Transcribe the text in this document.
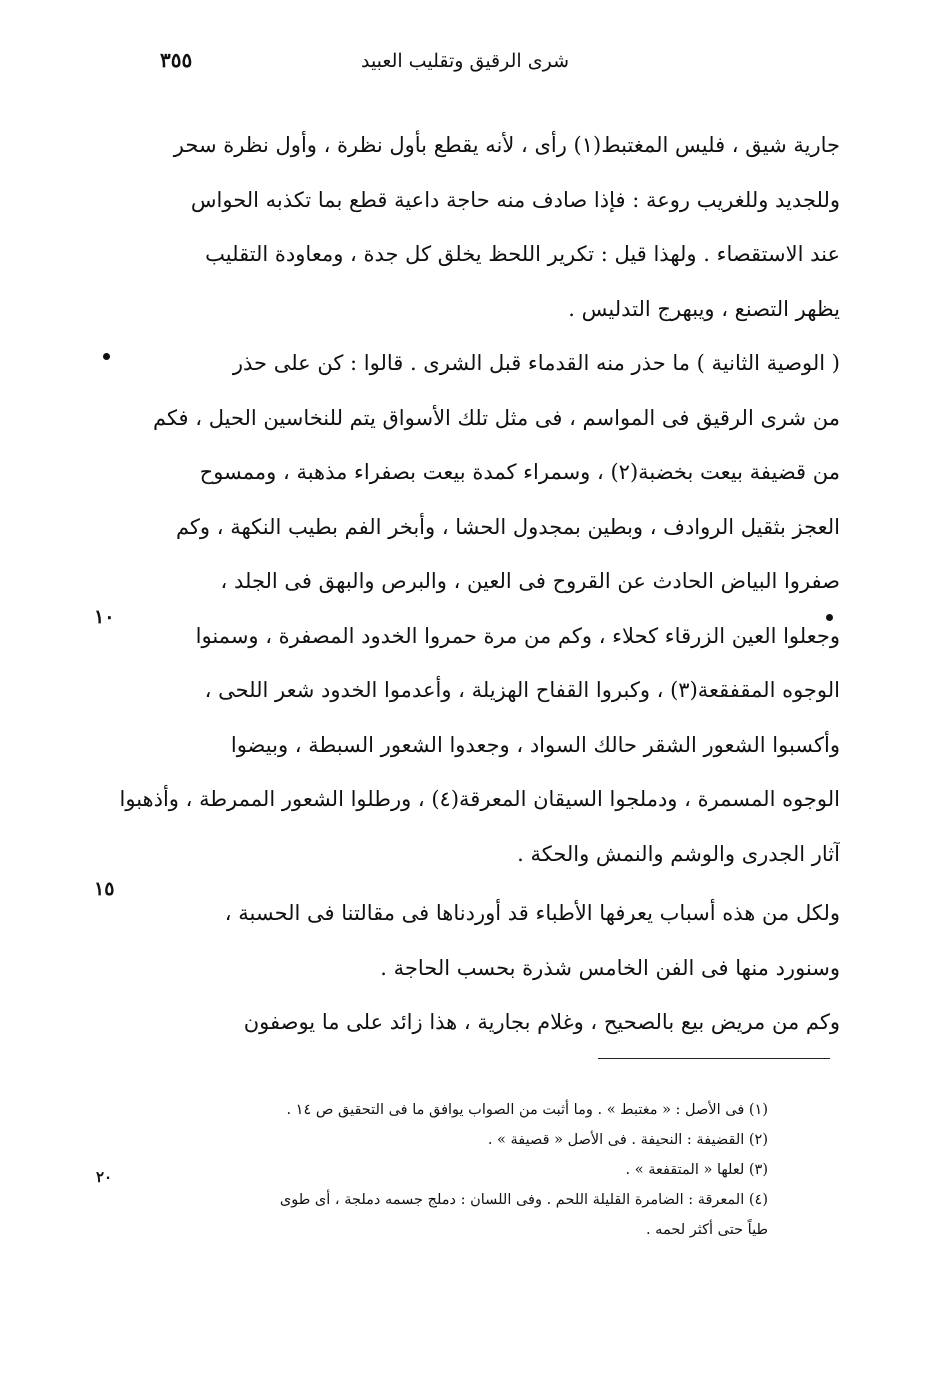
شرى الرقيق وتقليب العبيد
٣٥٥
جارية شيق ، فليس المغتبط(١) رأى ، لأنه يقطع بأول نظرة ، وأول نظرة سحر
وللجديد وللغريب روعة : فإذا صادف منه حاجة داعية قطع بما تكذبه الحواس
عند الاستقصاء . ولهذا قيل : تكرير اللحظ يخلق كل جدة ، ومعاودة التقليب
يظهر التصنع ، ويبهرج التدليس .
( الوصية الثانية ) ما حذر منه القدماء قبل الشرى . قالوا : كن على حذر
من شرى الرقيق فى المواسم ، فى مثل تلك الأسواق يتم للنخاسين الحيل ، فكم
من قضيفة بيعت بخضبة(٢) ، وسمراء كمدة بيعت بصفراء مذهبة ، وممسوح
العجز بثقيل الروادف ، وبطين بمجدول الحشا ، وأبخر الفم بطيب النكهة ، وكم
صفروا البياض الحادث عن القروح فى العين ، والبرص والبهق فى الجلد ،
وجعلوا العين الزرقاء كحلاء ، وكم من مرة حمروا الخدود المصفرة ، وسمنوا
الوجوه المقفقعة(٣) ، وكبروا القفاح الهزيلة ، وأعدموا الخدود شعر اللحى ،
وأكسبوا الشعور الشقر حالك السواد ، وجعدوا الشعور السبطة ، وبيضوا
الوجوه المسمرة ، ودملجوا السيقان المعرقة(٤) ، ورطلوا الشعور الممرطة ، وأذهبوا
آثار الجدرى والوشم والنمش والحكة .
ولكل من هذه أسباب يعرفها الأطباء قد أوردناها فى مقالتنا فى الحسبة ،
وسنورد منها فى الفن الخامس شذرة بحسب الحاجة .
وكم من مريض بيع بالصحيح ، وغلام بجارية ، هذا زائد على ما يوصفون
١٠
١٥
(١) فى الأصل : « مغتبط » . وما أثبت من الصواب يوافق ما فى التحقيق ص ١٤ .
(٢) القضيفة : النحيفة . فى الأصل « قصيفة » .
(٣) لعلها « المتقفعة » .
(٤) المعرقة : الضامرة القليلة اللحم . وفى اللسان : دملج جسمه دملجة ، أى طوى
طياً حتى أكثر لحمه .
٢٠
